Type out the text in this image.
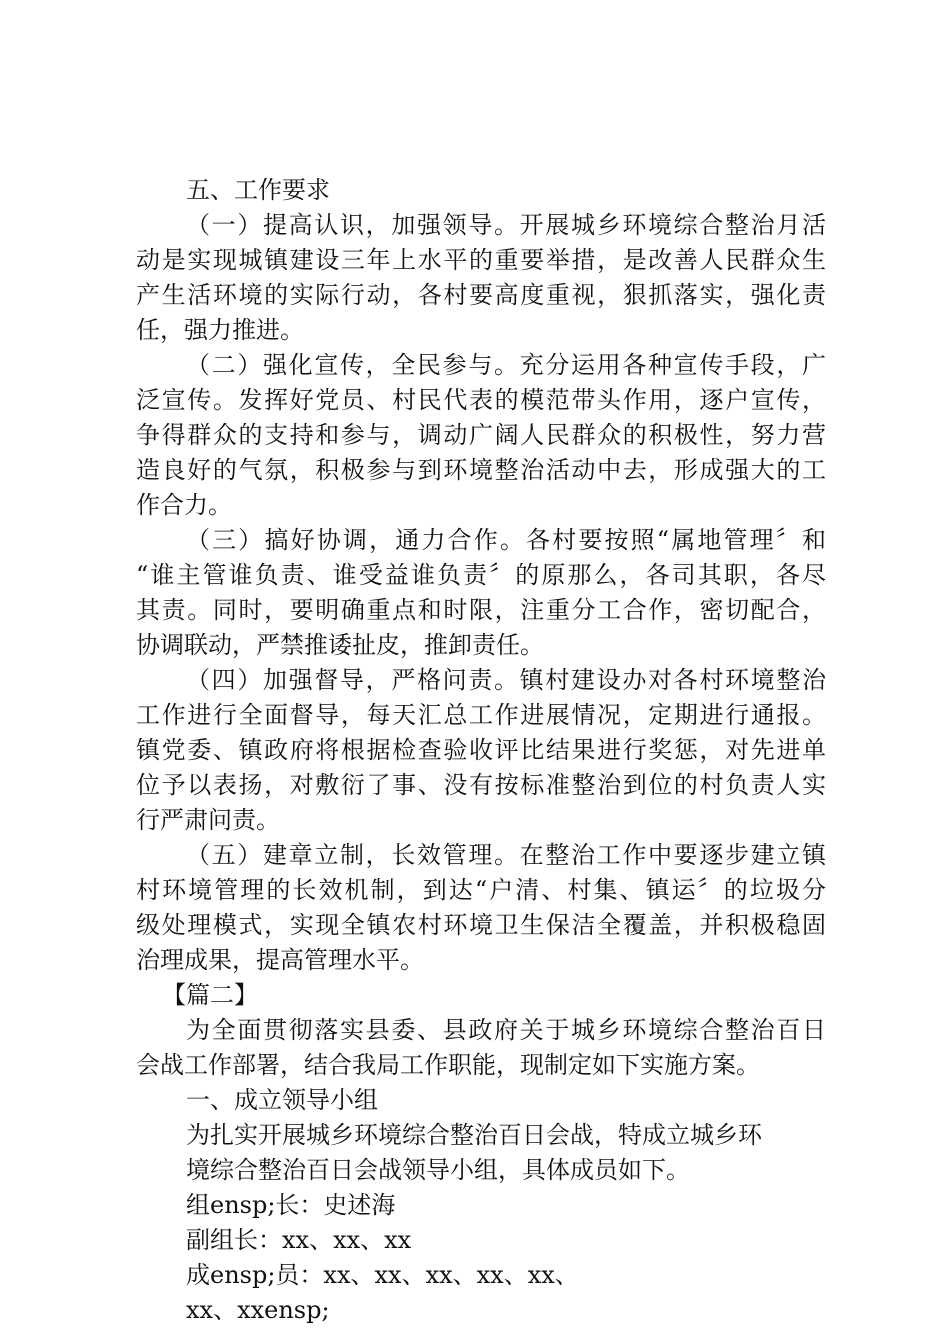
五、工作要求
（一）提高认识，加强领导。开展城乡环境综合整治月活
动是实现城镇建设三年上水平的重要举措，是改善人民群众生
产生活环境的实际行动，各村要高度重视，狠抓落实，强化责
任，强力推进。
（二）强化宣传，全民参与。充分运用各种宣传手段，广
泛宣传。发挥好党员、村民代表的模范带头作用，逐户宣传，
争得群众的支持和参与，调动广阔人民群众的积极性，努力营
造良好的气氛，积极参与到环境整治活动中去，形成强大的工
作合力。
（三）搞好协调，通力合作。各村要按照“属地管理〞和
“谁主管谁负责、谁受益谁负责〞的原那么，各司其职，各尽
其责。同时，要明确重点和时限，注重分工合作，密切配合，
协调联动，严禁推诿扯皮，推卸责任。
（四）加强督导，严格问责。镇村建设办对各村环境整治
工作进行全面督导，每天汇总工作进展情况，定期进行通报。
镇党委、镇政府将根据检查验收评比结果进行奖惩，对先进单
位予以表扬，对敷衍了事、没有按标准整治到位的村负责人实
行严肃问责。
（五）建章立制，长效管理。在整治工作中要逐步建立镇
村环境管理的长效机制，到达“户清、村集、镇运〞的垃圾分
级处理模式，实现全镇农村环境卫生保洁全覆盖，并积极稳固
治理成果，提高管理水平。
【篇二】
为全面贯彻落实县委、县政府关于城乡环境综合整治百日
会战工作部署，结合我局工作职能，现制定如下实施方案。
一、成立领导小组
为扎实开展城乡环境综合整治百日会战，特成立城乡环
境综合整治百日会战领导小组，具体成员如下。
组ensp;长：史述海
副组长：xx、xx、xx
成ensp;员：xx、xx、xx、xx、xx、
xx、xxensp;
